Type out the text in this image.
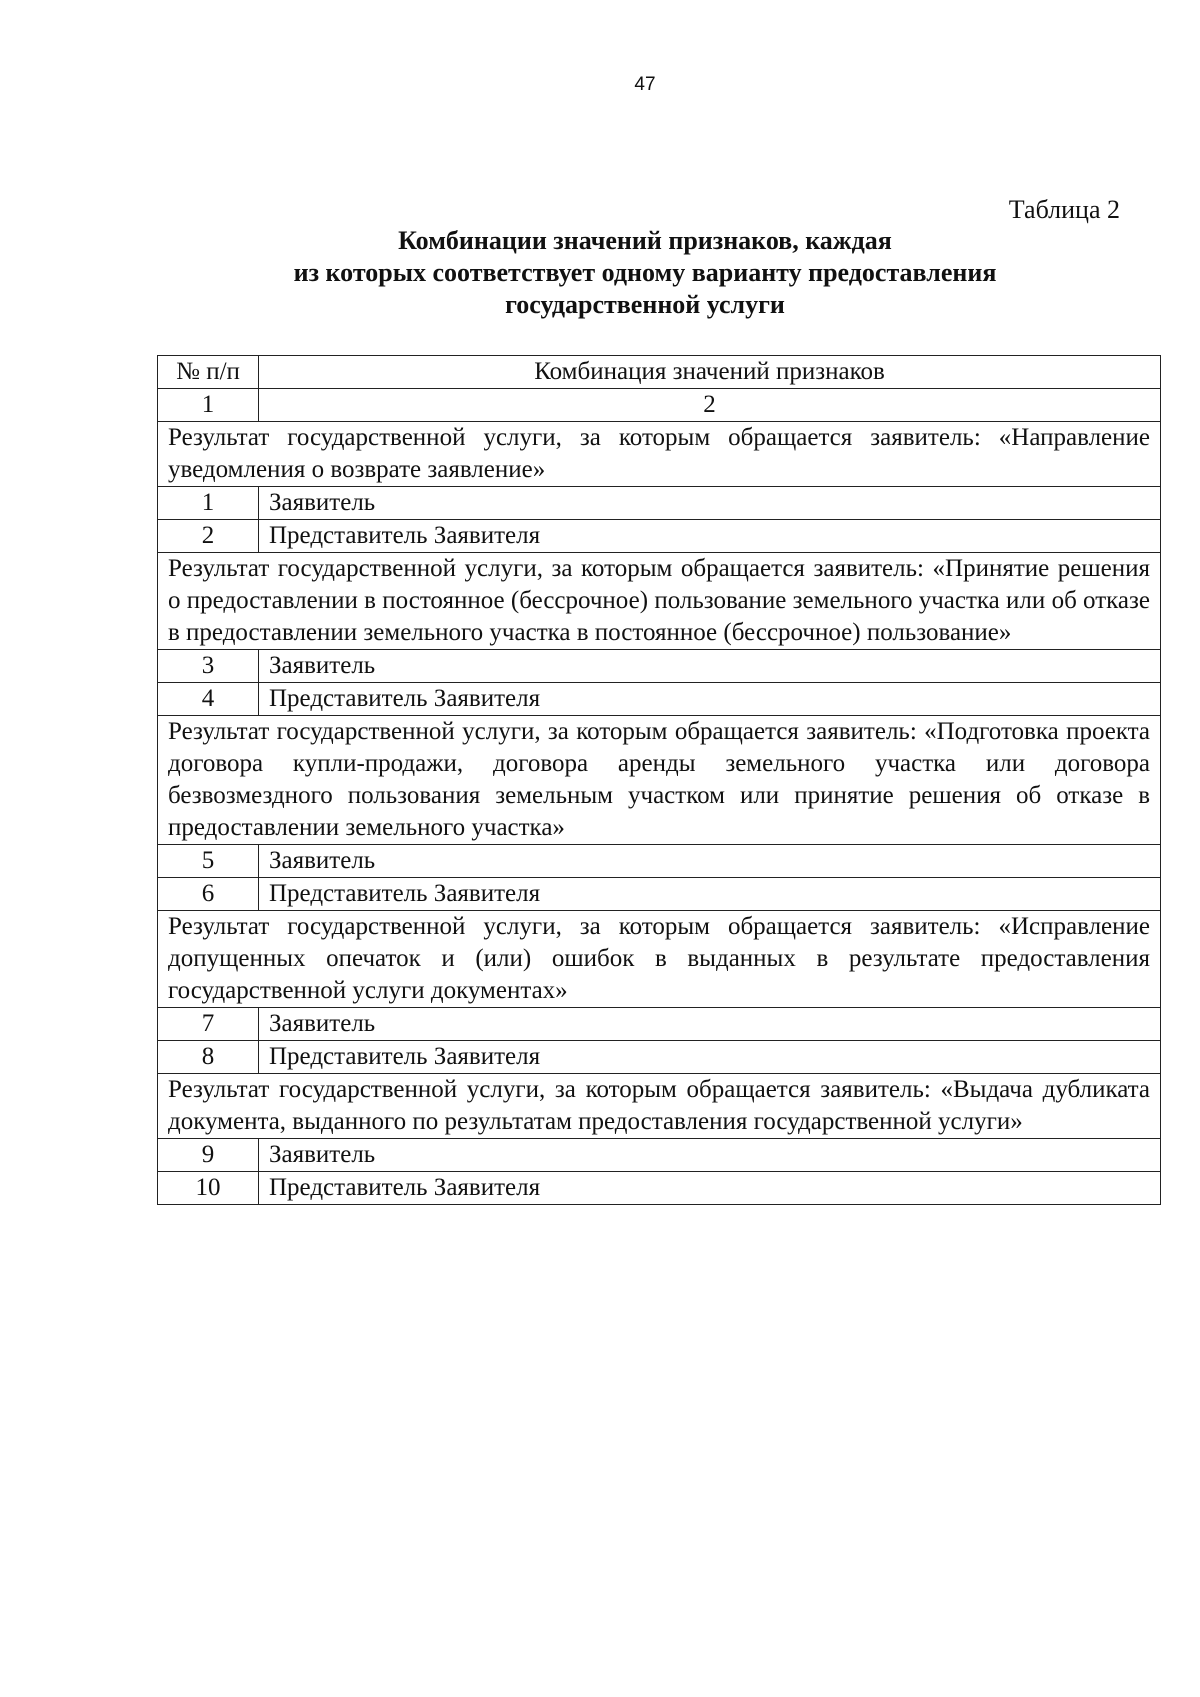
47
Таблица 2
Комбинации значений признаков, каждая
из которых соответствует одному варианту предоставления
государственной услуги
№ п/п	Комбинация значений признаков
1	2
Результат государственной услуги, за которым обращается заявитель: «Направление уведомления о возврате заявление»	
1	Заявитель
2	Представитель Заявителя
Результат государственной услуги, за которым обращается заявитель: «Принятие решения о предоставлении в постоянное (бессрочное) пользование земельного участка или об отказе в предоставлении земельного участка в постоянное (бессрочное) пользование»	
3	Заявитель
4	Представитель Заявителя
Результат государственной услуги, за которым обращается заявитель: «Подготовка проекта договора купли-продажи, договора аренды земельного участка или договора безвозмездного пользования земельным участком или принятие решения об отказе в предоставлении земельного участка»	
5	Заявитель
6	Представитель Заявителя
Результат государственной услуги, за которым обращается заявитель: «Исправление допущенных опечаток и (или) ошибок в выданных в результате предоставления государственной услуги документах»	
7	Заявитель
8	Представитель Заявителя
Результат государственной услуги, за которым обращается заявитель: «Выдача дубликата документа, выданного по результатам предоставления государственной услуги»	
9	Заявитель
10	Представитель Заявителя
